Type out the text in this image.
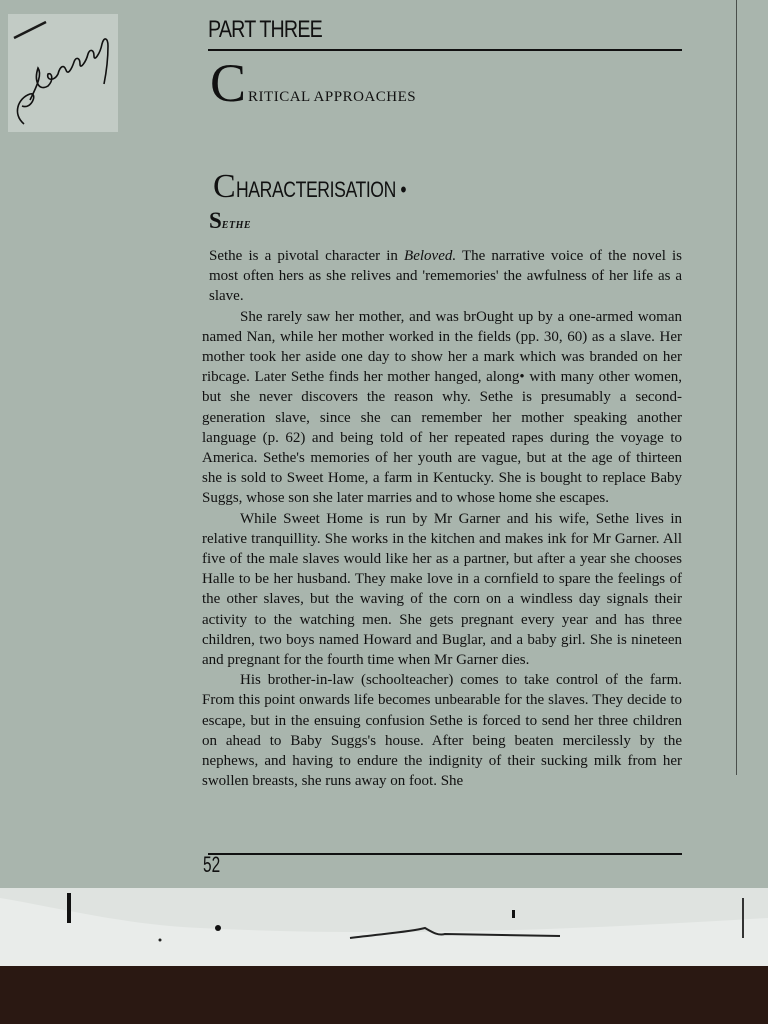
PART THREE
CRITICAL APPROACHES
CHARACTERISATION •
SETHE

Sethe is a pivotal character in Beloved. The narrative voice of the novel is most often hers as she relives and 'rememories' the awfulness of her life as a slave.

She rarely saw her mother, and was brOught up by a one-armed woman named Nan, while her mother worked in the fields (pp. 30, 60) as a slave. Her mother took her aside one day to show her a mark which was branded on her ribcage. Later Sethe finds her mother hanged, along• with many other women, but she never discovers the reason why. Sethe is presumably a second-generation slave, since she can remember her mother speaking another language (p. 62) and being told of her repeated rapes during the voyage to America. Sethe's memories of her youth are vague, but at the age of thirteen she is sold to Sweet Home, a farm in Kentucky. She is bought to replace Baby Suggs, whose son she later marries and to whose home she escapes.

While Sweet Home is run by Mr Garner and his wife, Sethe lives in relative tranquillity. She works in the kitchen and makes ink for Mr Garner. All five of the male slaves would like her as a partner, but after a year she chooses Halle to be her husband. They make love in a cornfield to spare the feelings of the other slaves, but the waving of the corn on a windless day signals their activity to the watching men. She gets pregnant every year and has three children, two boys named Howard and Buglar, and a baby girl. She is nineteen and pregnant for the fourth time when Mr Garner dies.

His brother-in-law (schoolteacher) comes to take control of the farm. From this point onwards life becomes unbearable for the slaves. They decide to escape, but in the ensuing confusion Sethe is forced to send her three children on ahead to Baby Suggs's house. After being beaten mercilessly by the nephews, and having to endure the indignity of their sucking milk from her swollen breasts, she runs away on foot. She

52
